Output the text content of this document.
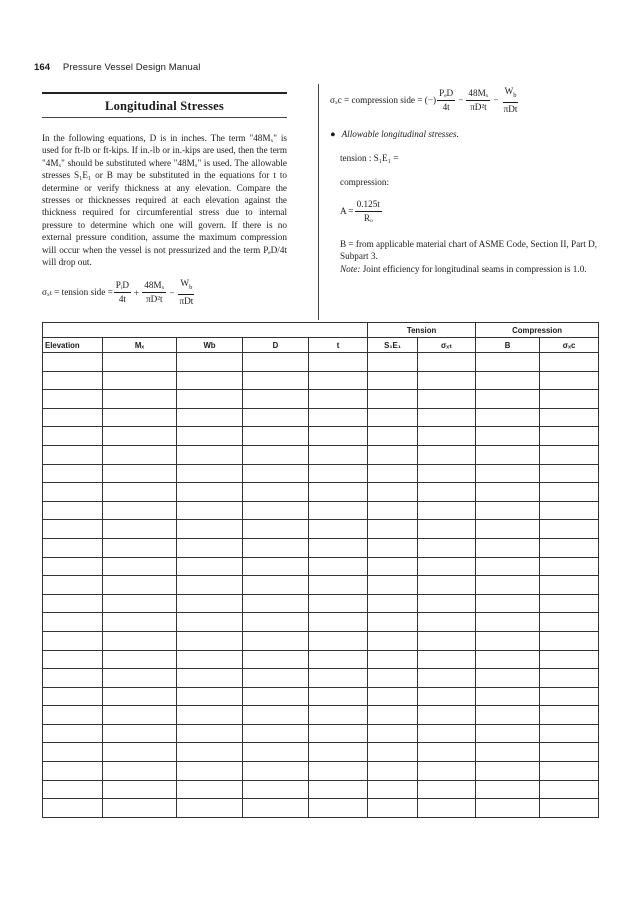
164 Pressure Vessel Design Manual
Longitudinal Stresses
In the following equations, D is in inches. The term "48Mₓ" is used for ft-lb or ft-kips. If in.-lb or in.-kips are used, then the term "4Mₓ" should be substituted where "48Mₓ" is used. The allowable stresses S₁E₁ or B may be substituted in the equations for t to determine or verify thickness at any elevation. Compare the stresses or thicknesses required at each elevation against the thickness required for circumferential stress due to internal pressure to determine which one will govern. If there is no external pressure condition, assume the maximum compression will occur when the vessel is not pressurized and the term PₑD/4t will drop out.
σₓₜ = tension side = $\frac{\text{PᵢD}}{4t} + \frac{\text{48Mₓ}}{\text{πD²t}} - \frac{W_b}{\text{πDt}}$
σₓc = compression side = (−) $\frac{\text{PₑD}}{4t} - \frac{\text{48Mₓ}}{\text{πD²t}} - \frac{W_b}{\text{πDt}}$
● Allowable longitudinal stresses.
tension : S₁E₁ =
compression:
$A = \frac{0.125t}{\text{Rₒ}}$
B = from applicable material chart of ASME Code, Section II, Part D, Subpart 3.
Note: Joint efficiency for longitudinal seams in compression is 1.0.
					Tension		Compression	
Elevation	Mₓ	Wb	D	t	S₁E₁	σₓₜ	B	σₓc
